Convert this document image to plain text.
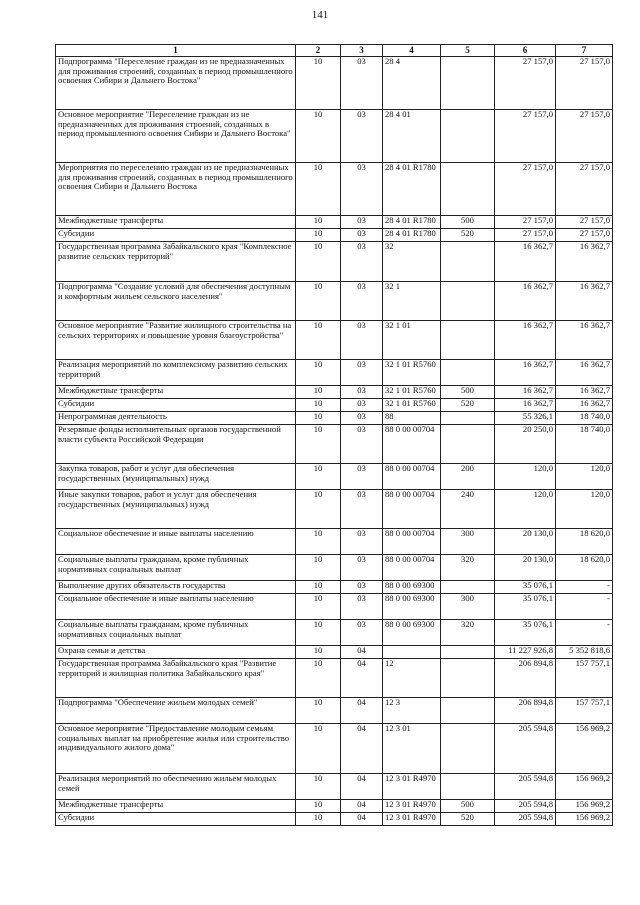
141
1	2	3	4	5	6	7
Подпрограмма "Переселение граждан из не предназначенных для проживания строений, созданных в период промышленного освоения Сибири и Дальнего Востока"	10	03	28 4		27 157,0	27 157,0
Основное мероприятие "Переселение граждан из не предназначенных для проживания строений, созданных в период промышленного освоения Сибири и Дальнего Востока"	10	03	28 4 01		27 157,0	27 157,0
Мероприятия по переселению граждан из не предназначенных для проживания строений, созданных в период промышленного освоения Сибири и Дальнего Востока	10	03	28 4 01 R1780		27 157,0	27 157,0
Межбюджетные трансферты	10	03	28 4 01 R1780	500	27 157,0	27 157,0
Субсидии	10	03	28 4 01 R1780	520	27 157,0	27 157,0
Государственная программа Забайкальского края "Комплексное развитие сельских территорий"	10	03	32		16 362,7	16 362,7
Подпрограмма "Создание условий для обеспечения доступным и комфортным жильем сельского населения"	10	03	32 1		16 362,7	16 362,7
Основное мероприятие "Развитие жилищного строительства на сельских территориях и повышение уровня благоустройства"	10	03	32 1 01		16 362,7	16 362,7
Реализация мероприятий по комплексному развитию сельских территорий	10	03	32 1 01 R5760		16 362,7	16 362,7
Межбюджетные трансферты	10	03	32 1 01 R5760	500	16 362,7	16 362,7
Субсидии	10	03	32 1 01 R5760	520	16 362,7	16 362,7
Непрограммная деятельность	10	03	88		55 326,1	18 740,0
Резервные фонды исполнительных органов государственной власти субъекта Российской Федерации	10	03	88 0 00 00704		20 250,0	18 740,0
Закупка товаров, работ и услуг для обеспечения государственных (муниципальных) нужд	10	03	88 0 00 00704	200	120,0	120,0
Иные закупки товаров, работ и услуг для обеспечения государственных (муниципальных) нужд	10	03	88 0 00 00704	240	120,0	120,0
Социальное обеспечение и иные выплаты населению	10	03	88 0 00 00704	300	20 130,0	18 620,0
Социальные выплаты гражданам, кроме публичных нормативных социальных выплат	10	03	88 0 00 00704	320	20 130,0	18 620,0
Выполнение других обязательств государства	10	03	88 0 00 69300		35 076,1	-
Социальное обеспечение и иные выплаты населению	10	03	88 0 00 69300	300	35 076,1	-
Социальные выплаты гражданам, кроме публичных нормативных социальных выплат	10	03	88 0 00 69300	320	35 076,1	-
Охрана семьи и детства	10	04			11 227 926,8	5 352 818,6
Государственная программа Забайкальского края "Развитие территорий и жилищная политика Забайкальского края"	10	04	12		206 894,8	157 757,1
Подпрограмма "Обеспечение жильем молодых семей"	10	04	12 3		206 894,8	157 757,1
Основное мероприятие "Предоставление молодым семьям социальных выплат на приобретение жилья или строительство индивидуального жилого дома"	10	04	12 3 01		205 594,8	156 969,2
Реализация мероприятий по обеспечению жильем молодых семей	10	04	12 3 01 R4970		205 594,8	156 969,2
Межбюджетные трансферты	10	04	12 3 01 R4970	500	205 594,8	156 969,2
Субсидии	10	04	12 3 01 R4970	520	205 594,8	156 969,2
